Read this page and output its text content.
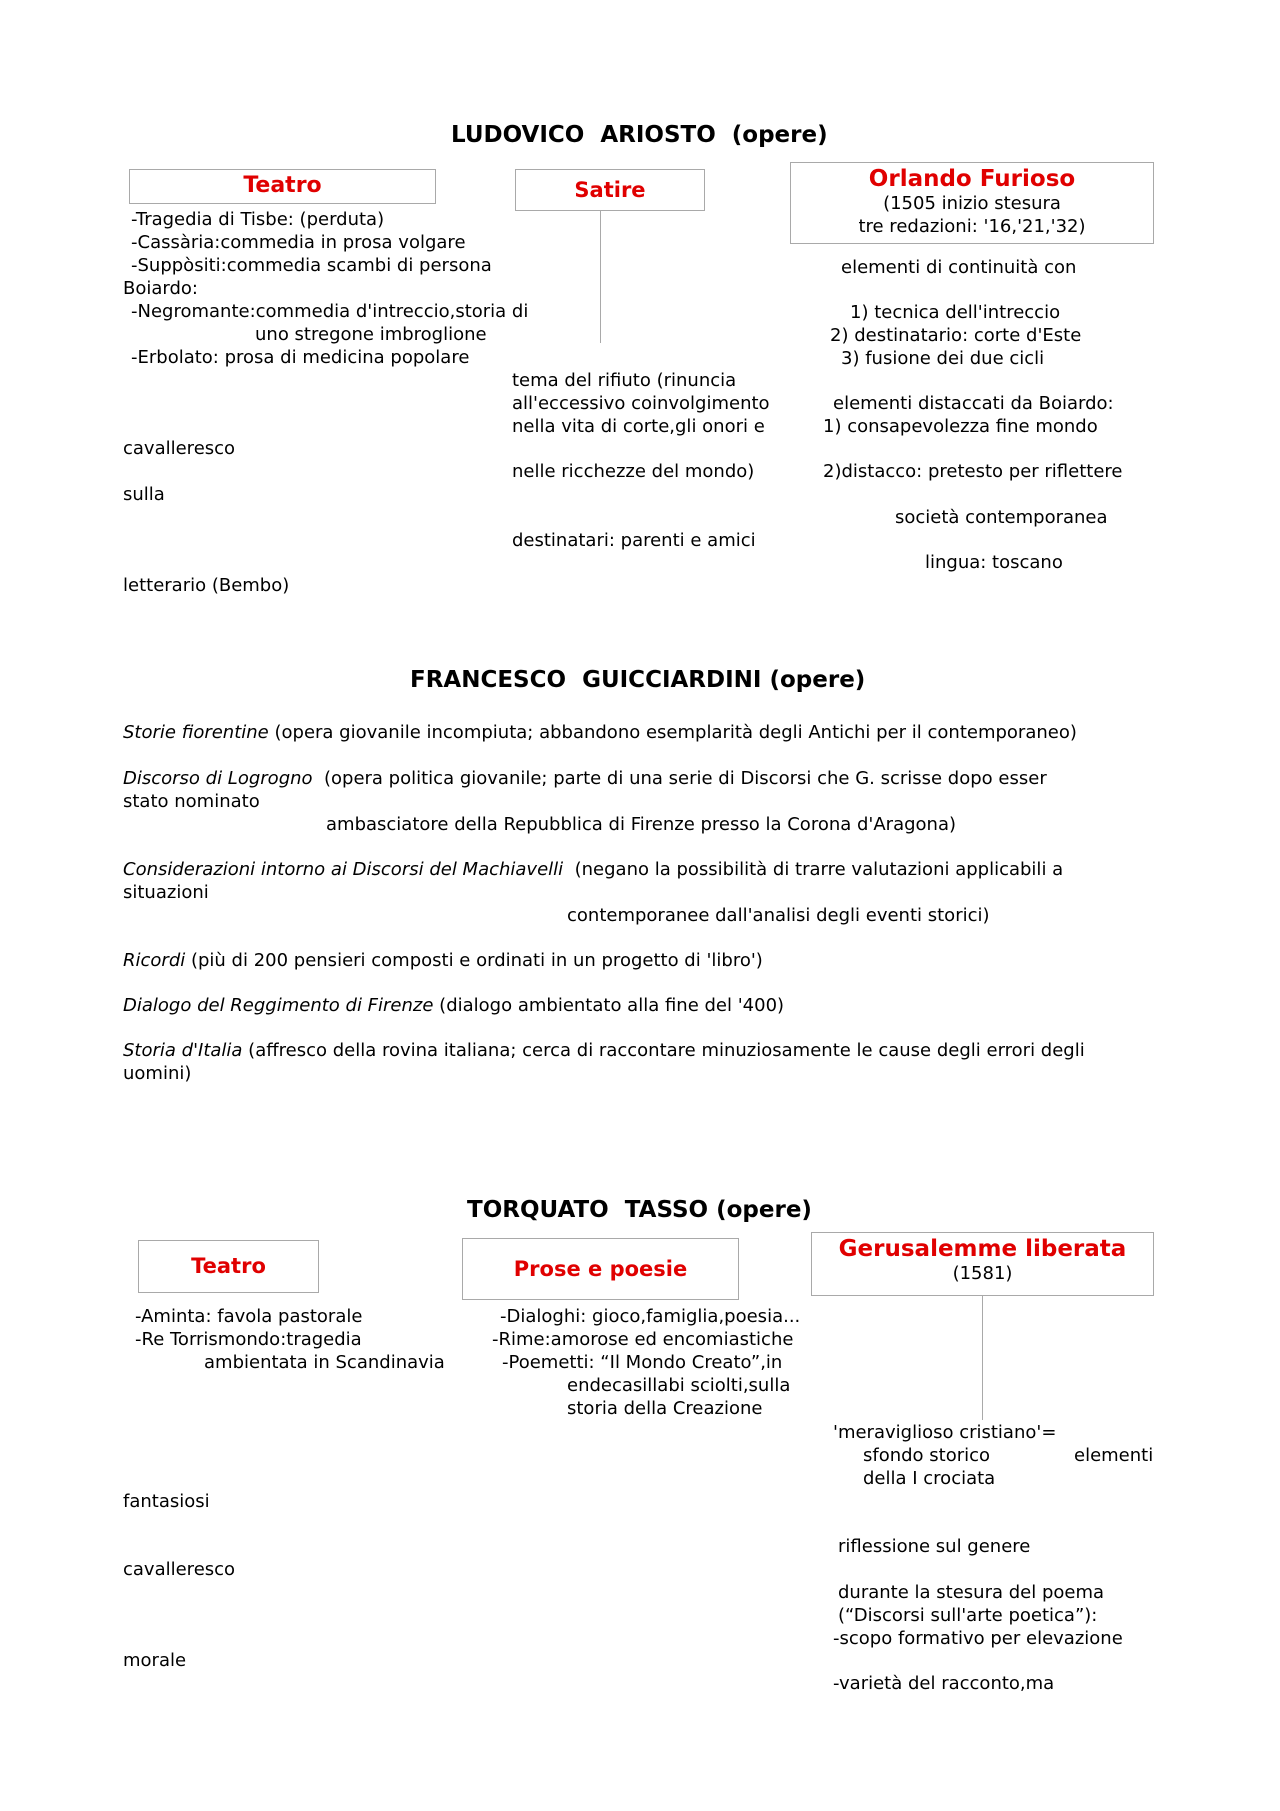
LUDOVICO  ARIOSTO  (opere)
Teatro	Satire	Orlando Furioso
(1505 inizio stesura
tre redazioni: '16,'21,'32)
-Tragedia di Tisbe: (perduta)
-Cassària:commedia in prosa volgare
-Suppòsiti:commedia scambi di persona
Boiardo:
-Negromante:commedia d'intreccio,storia di
uno stregone imbroglione
-Erbolato: prosa di medicina popolare
cavalleresco
sulla
letterario (Bembo)
tema del rifiuto (rinuncia
all'eccessivo coinvolgimento
nella vita di corte,gli onori e
nelle ricchezze del mondo)
destinatari: parenti e amici
elementi di continuità con
1) tecnica dell'intreccio
2) destinatario: corte d'Este
3) fusione dei due cicli
elementi distaccati da Boiardo:
1) consapevolezza fine mondo
2)distacco: pretesto per riflettere
società contemporanea
lingua: toscano
FRANCESCO  GUICCIARDINI (opere)
Storie fiorentine (opera giovanile incompiuta; abbandono esemplarità degli Antichi per il contemporaneo)
Discorso di Logrogno  (opera politica giovanile; parte di una serie di Discorsi che G. scrisse dopo esser
stato nominato
ambasciatore della Repubblica di Firenze presso la Corona d'Aragona)
Considerazioni intorno ai Discorsi del Machiavelli  (negano la possibilità di trarre valutazioni applicabili a
situazioni
contemporanee dall'analisi degli eventi storici)
Ricordi (più di 200 pensieri composti e ordinati in un progetto di 'libro')
Dialogo del Reggimento di Firenze (dialogo ambientato alla fine del '400)
Storia d'Italia (affresco della rovina italiana; cerca di raccontare minuziosamente le cause degli errori degli
uomini)
TORQUATO  TASSO (opere)
Teatro	Prose e poesie
Gerusalemme liberata
(1581)
-Aminta: favola pastorale
-Re Torrismondo:tragedia
ambientata in Scandinavia
-Dialoghi: gioco,famiglia,poesia...
-Rime:amorose ed encomiastiche
-Poemetti: “Il Mondo Creato”,in
endecasillabi sciolti,sulla
storia della Creazione
'meraviglioso cristiano'=
sfondo storico	elementi
della I crociata
riflessione sul genere
durante la stesura del poema
(“Discorsi sull'arte poetica”):
-scopo formativo per elevazione
-varietà del racconto,ma
fantasiosi
cavalleresco
morale
